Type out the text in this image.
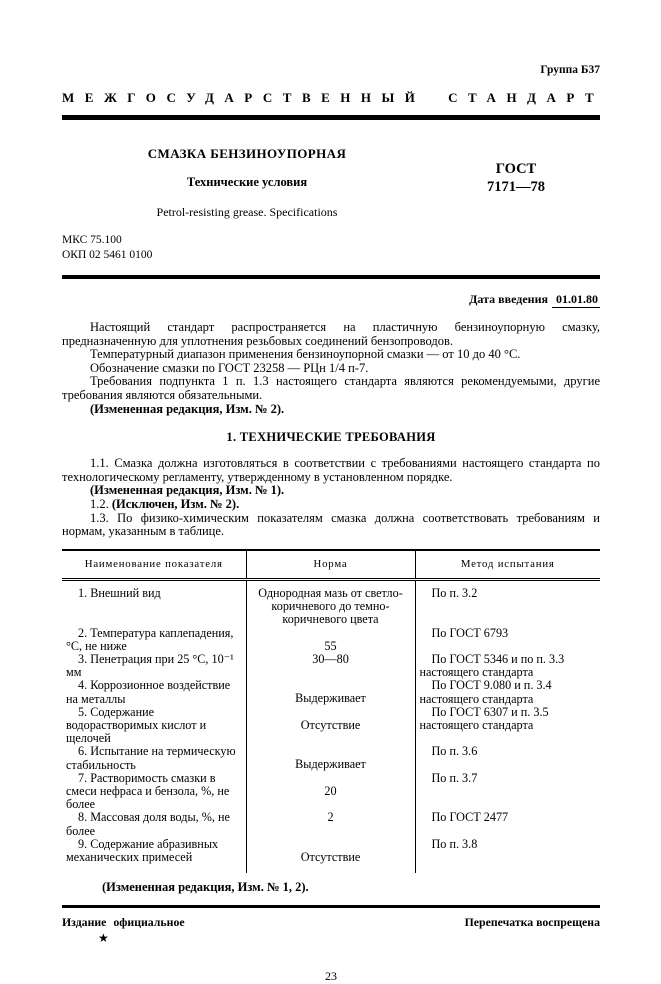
Группа Б37
МЕЖГОСУДАРСТВЕННЫЙ СТАНДАРТ
СМАЗКА БЕНЗИНОУПОРНАЯ
Технические условия
Petrol-resisting grease. Specifications
ГОСТ
7171—78
МКС 75.100
ОКП 02 5461 0100
Дата введения 01.01.80

Настоящий стандарт распространяется на пластичную бензиноупорную смазку, предназначенную для уплотнения резьбовых соединений бензопроводов.

Температурный диапазон применения бензиноупорной смазки — от 10 до 40 °С.

Обозначение смазки по ГОСТ 23258 — РЦн 1/4 п-7.

Требования подпункта 1 п. 1.3 настоящего стандарта являются рекомендуемыми, другие требования являются обязательными.

(Измененная редакция, Изм. № 2).

1. ТЕХНИЧЕСКИЕ ТРЕБОВАНИЯ

1.1. Смазка должна изготовляться в соответствии с требованиями настоящего стандарта по технологическому регламенту, утвержденному в установленном порядке.

(Измененная редакция, Изм. № 1).

1.2. (Исключен, Изм. № 2).

1.3. По физико-химическим показателям смазка должна соответствовать требованиям и нормам, указанным в таблице.

Наименование показателя	Норма	Метод испытания
1. Внешний вид	Однородная мазь от светло-коричневого до темно-коричневого цвета	По п. 3.2
2. Температура каплепадения, °С, не ниже	55	По ГОСТ 6793
3. Пенетрация при 25 °С, 10⁻¹ мм	30—80	По ГОСТ 5346 и по п. 3.3 настоящего стандарта
4. Коррозионное воздействие на металлы	Выдерживает	По ГОСТ 9.080 и п. 3.4 настоящего стандарта
5. Содержание водорастворимых кислот и щелочей	Отсутствие	По ГОСТ 6307 и п. 3.5 настоящего стандарта
6. Испытание на термическую стабильность	Выдерживает	По п. 3.6
7. Растворимость смазки в смеси нефраса и бензола, %, не более	20	По п. 3.7
8. Массовая доля воды, %, не более	2	По ГОСТ 2477
9. Содержание абразивных механических примесей	Отсутствие	По п. 3.8

(Измененная редакция, Изм. № 1, 2).
Издание официальное	Перепечатка воспрещена
★
23
